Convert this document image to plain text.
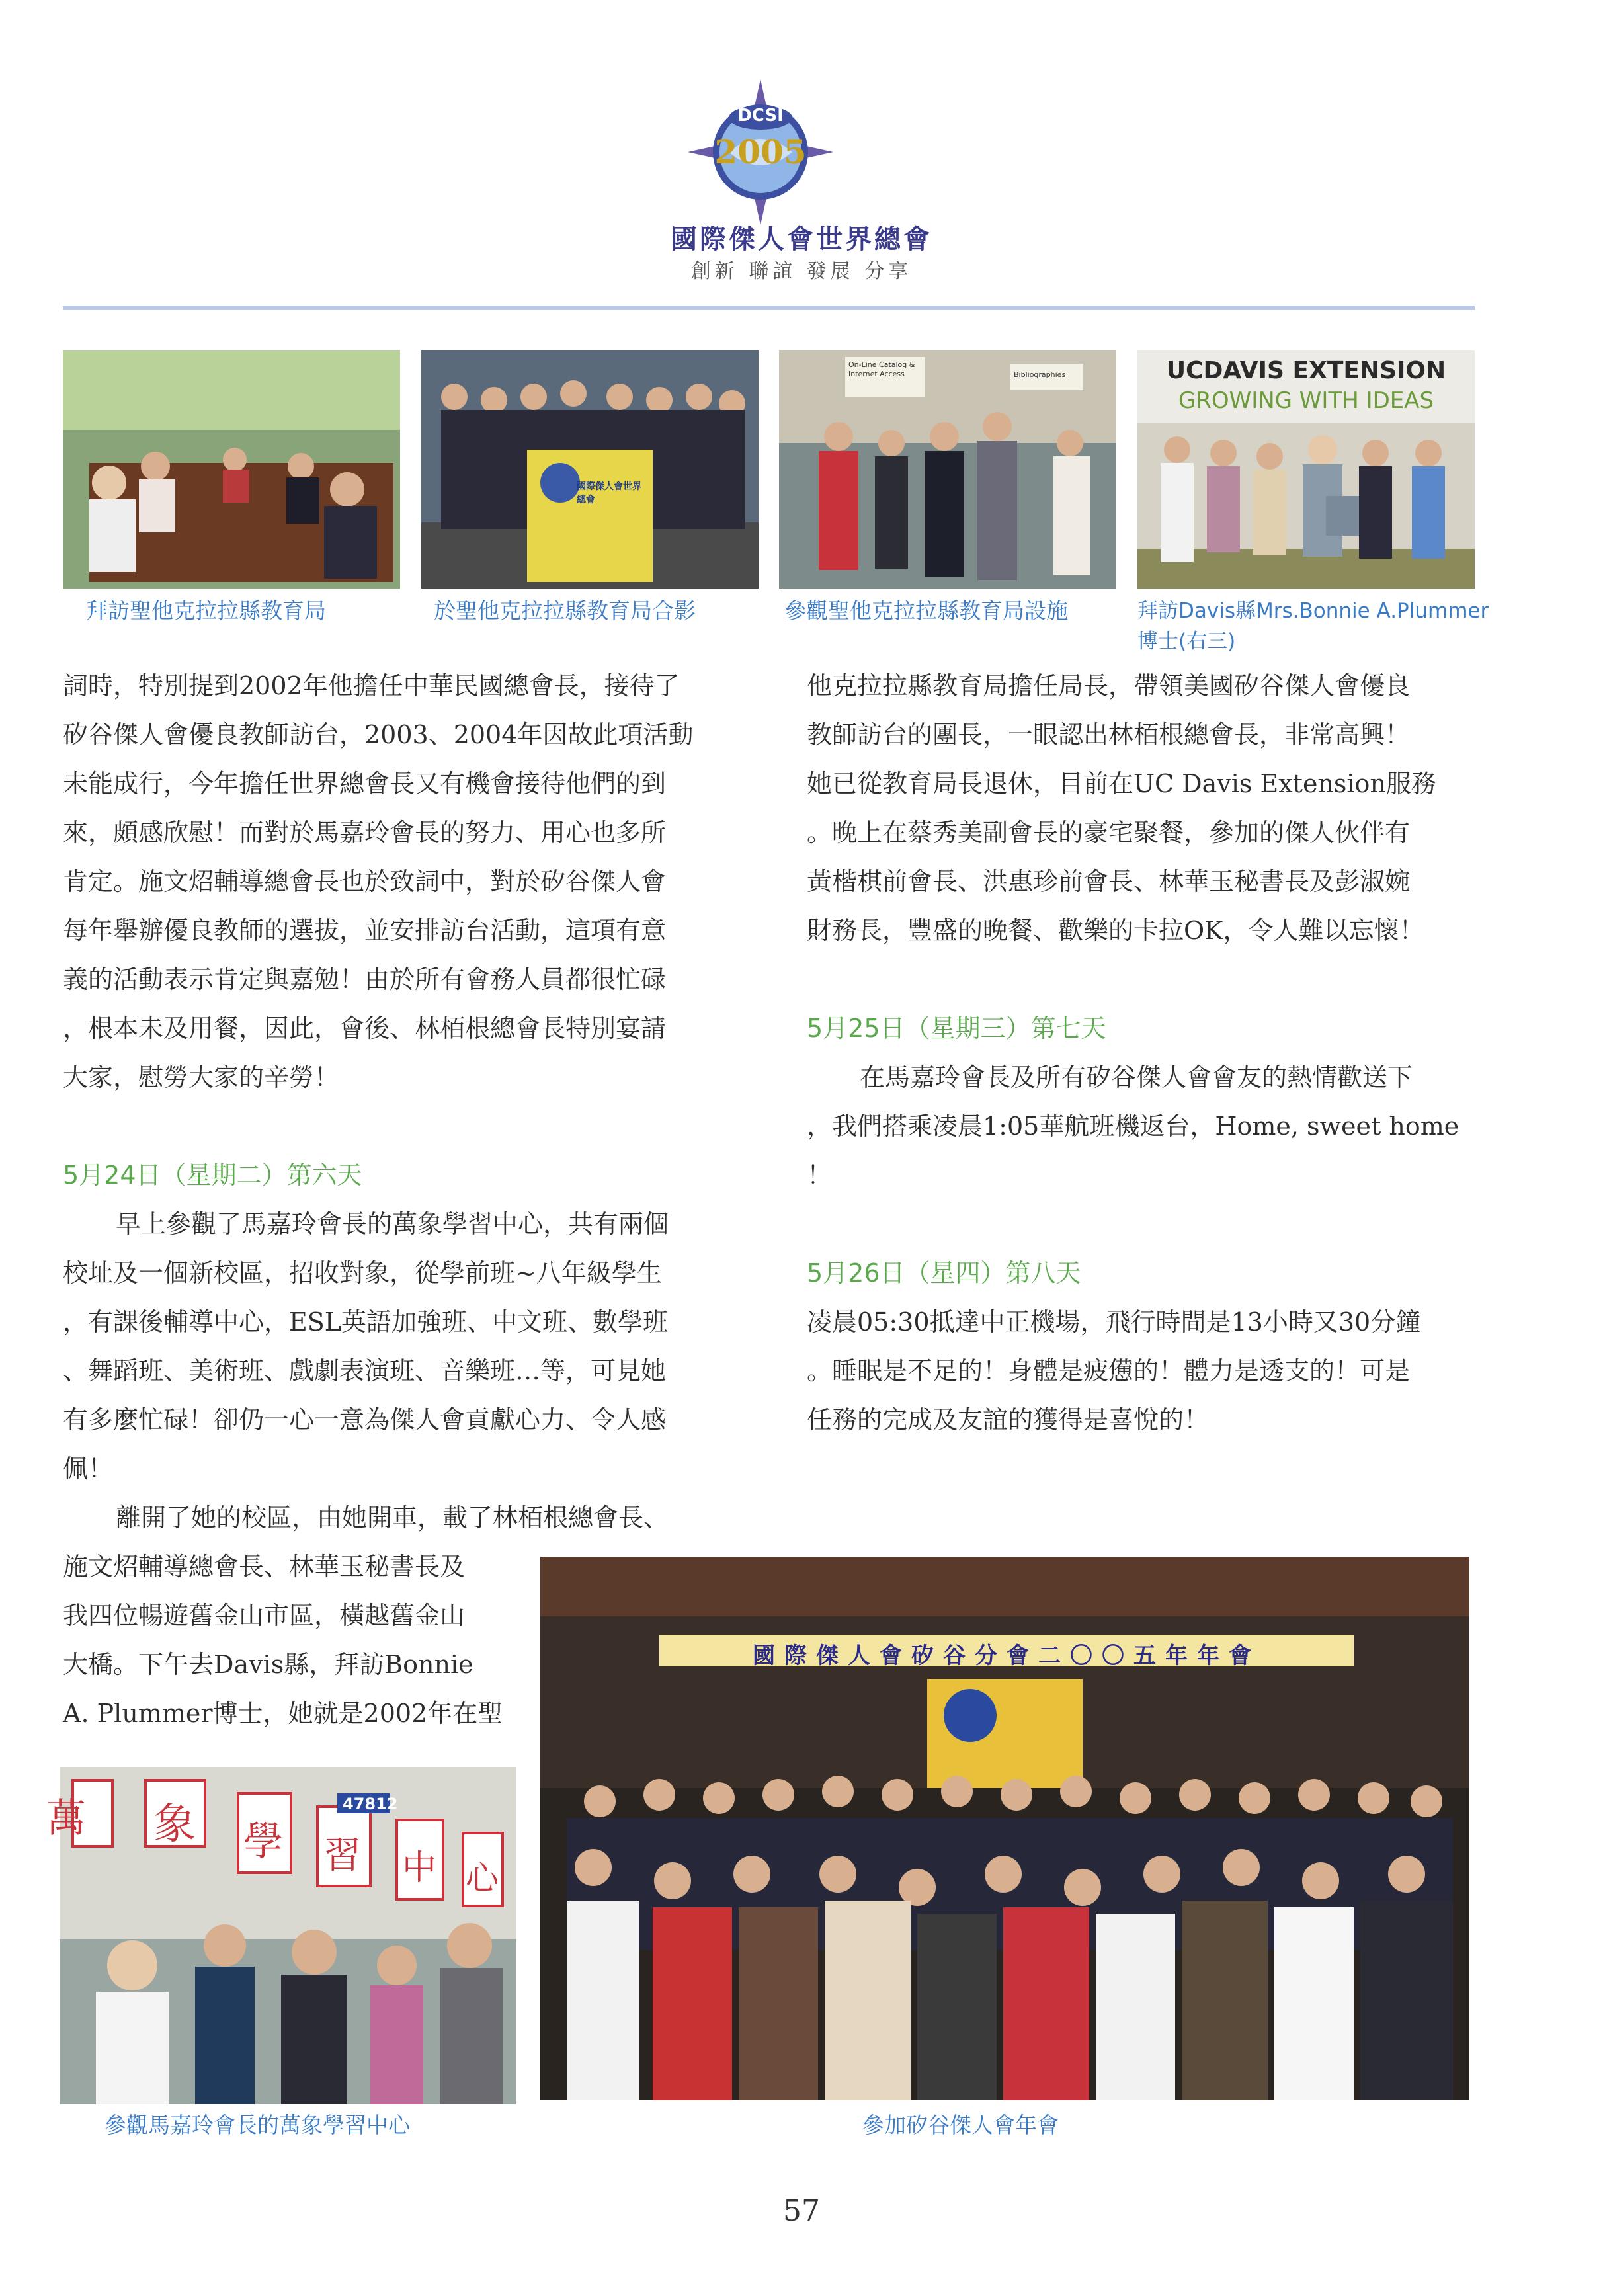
DCSI
2005
國際傑人會世界總會
創新 聯誼 發展 分享
國際傑人會世界總會
On-Line Catalog & Internet Access	Bibliographies	UCDAVIS EXTENSION
GROWING WITH IDEAS
拜訪聖他克拉拉縣教育局	於聖他克拉拉縣教育局合影	參觀聖他克拉拉縣教育局設施	拜訪Davis縣Mrs.Bonnie A.Plummer
博士(右三)

詞時，特別提到2002年他擔任中華民國總會長，接待了

矽谷傑人會優良教師訪台，2003、2004年因故此項活動

未能成行，今年擔任世界總會長又有機會接待他們的到

來，頗感欣慰！而對於馬嘉玲會長的努力、用心也多所

肯定。施文炤輔導總會長也於致詞中，對於矽谷傑人會

每年舉辦優良教師的選拔，並安排訪台活動，這項有意

義的活動表示肯定與嘉勉！由於所有會務人員都很忙碌

，根本未及用餐，因此，會後、林栢根總會長特別宴請

大家，慰勞大家的辛勞！

5月24日（星期二）第六天

早上參觀了馬嘉玲會長的萬象學習中心，共有兩個

校址及一個新校區，招收對象，從學前班~八年級學生

，有課後輔導中心，ESL英語加強班、中文班、數學班

、舞蹈班、美術班、戲劇表演班、音樂班…等，可見她

有多麼忙碌！卻仍一心一意為傑人會貢獻心力、令人感

佩！

離開了她的校區，由她開車，載了林栢根總會長、

施文炤輔導總會長、林華玉秘書長及

我四位暢遊舊金山市區，橫越舊金山

大橋。下午去Davis縣，拜訪Bonnie

A. Plummer博士，她就是2002年在聖

他克拉拉縣教育局擔任局長，帶領美國矽谷傑人會優良

教師訪台的團長，一眼認出林栢根總會長，非常高興！

她已從教育局長退休，目前在UC Davis Extension服務

。晚上在蔡秀美副會長的豪宅聚餐，參加的傑人伙伴有

黃楷棋前會長、洪惠珍前會長、林華玉秘書長及彭淑婉

財務長，豐盛的晚餐、歡樂的卡拉OK，令人難以忘懷！

5月25日（星期三）第七天

在馬嘉玲會長及所有矽谷傑人會會友的熱情歡送下

，我們搭乘凌晨1:05華航班機返台，Home, sweet home

！

5月26日（星四）第八天

凌晨05:30抵達中正機場，飛行時間是13小時又30分鐘

。睡眠是不足的！身體是疲憊的！體力是透支的！可是

任務的完成及友誼的獲得是喜悅的！

萬 象 學
47812
習 中 心
參觀馬嘉玲會長的萬象學習中心
國際傑人會矽谷分會二〇〇五年年會
參加矽谷傑人會年會
57
